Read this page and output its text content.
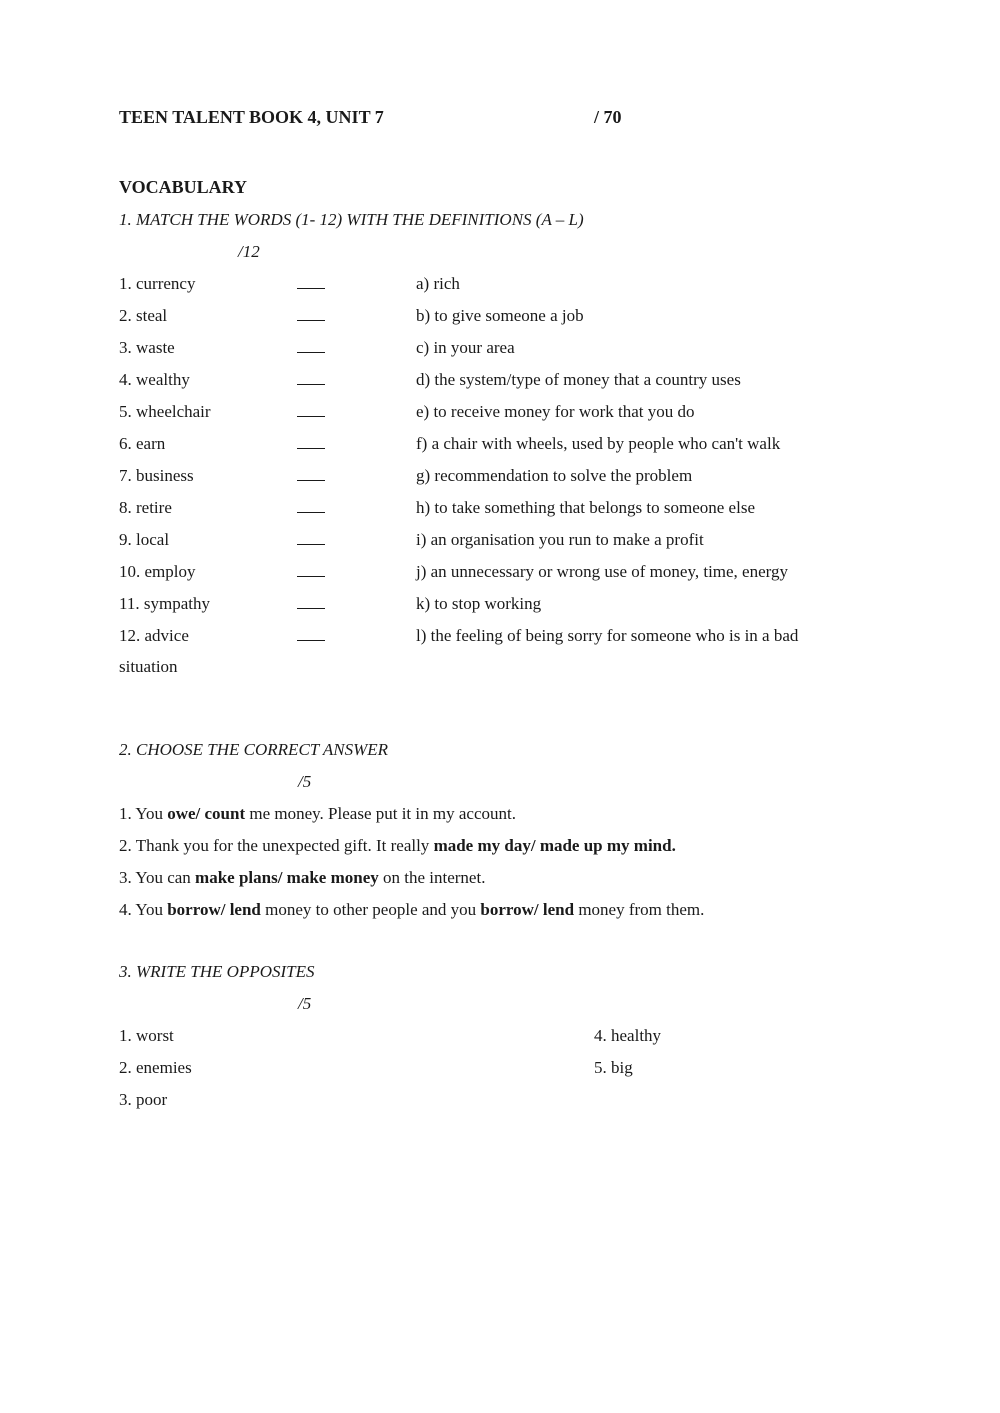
TEEN TALENT BOOK 4, UNIT 7	/ 70
VOCABULARY
1. MATCH THE WORDS (1- 12) WITH THE DEFINITIONS (A – L)
/12
1. currency	a) rich
2. steal	b) to give someone a job
3. waste	c) in your area
4. wealthy	d) the system/type of money that a country uses
5. wheelchair	e) to receive money for work that you do
6. earn	f) a chair with wheels, used by people who can't walk
7. business	g) recommendation to solve the problem
8. retire	h) to take something that belongs to someone else
9. local	i) an organisation you run to make a profit
10. employ	j) an unnecessary or wrong use of money, time, energy
11. sympathy	k) to stop working
12. advice	l) the feeling of being sorry for someone who is in a bad
situation
2. CHOOSE THE CORRECT ANSWER
/5
1. You owe/ count me money. Please put it in my account.
2. Thank you for the unexpected gift. It really made my day/ made up my mind.
3. You can make plans/ make money on the internet.
4. You borrow/ lend money to other people and you borrow/ lend money from them.
3. WRITE THE OPPOSITES
/5
1. worst
2. enemies
3. poor
4. healthy
5. big
